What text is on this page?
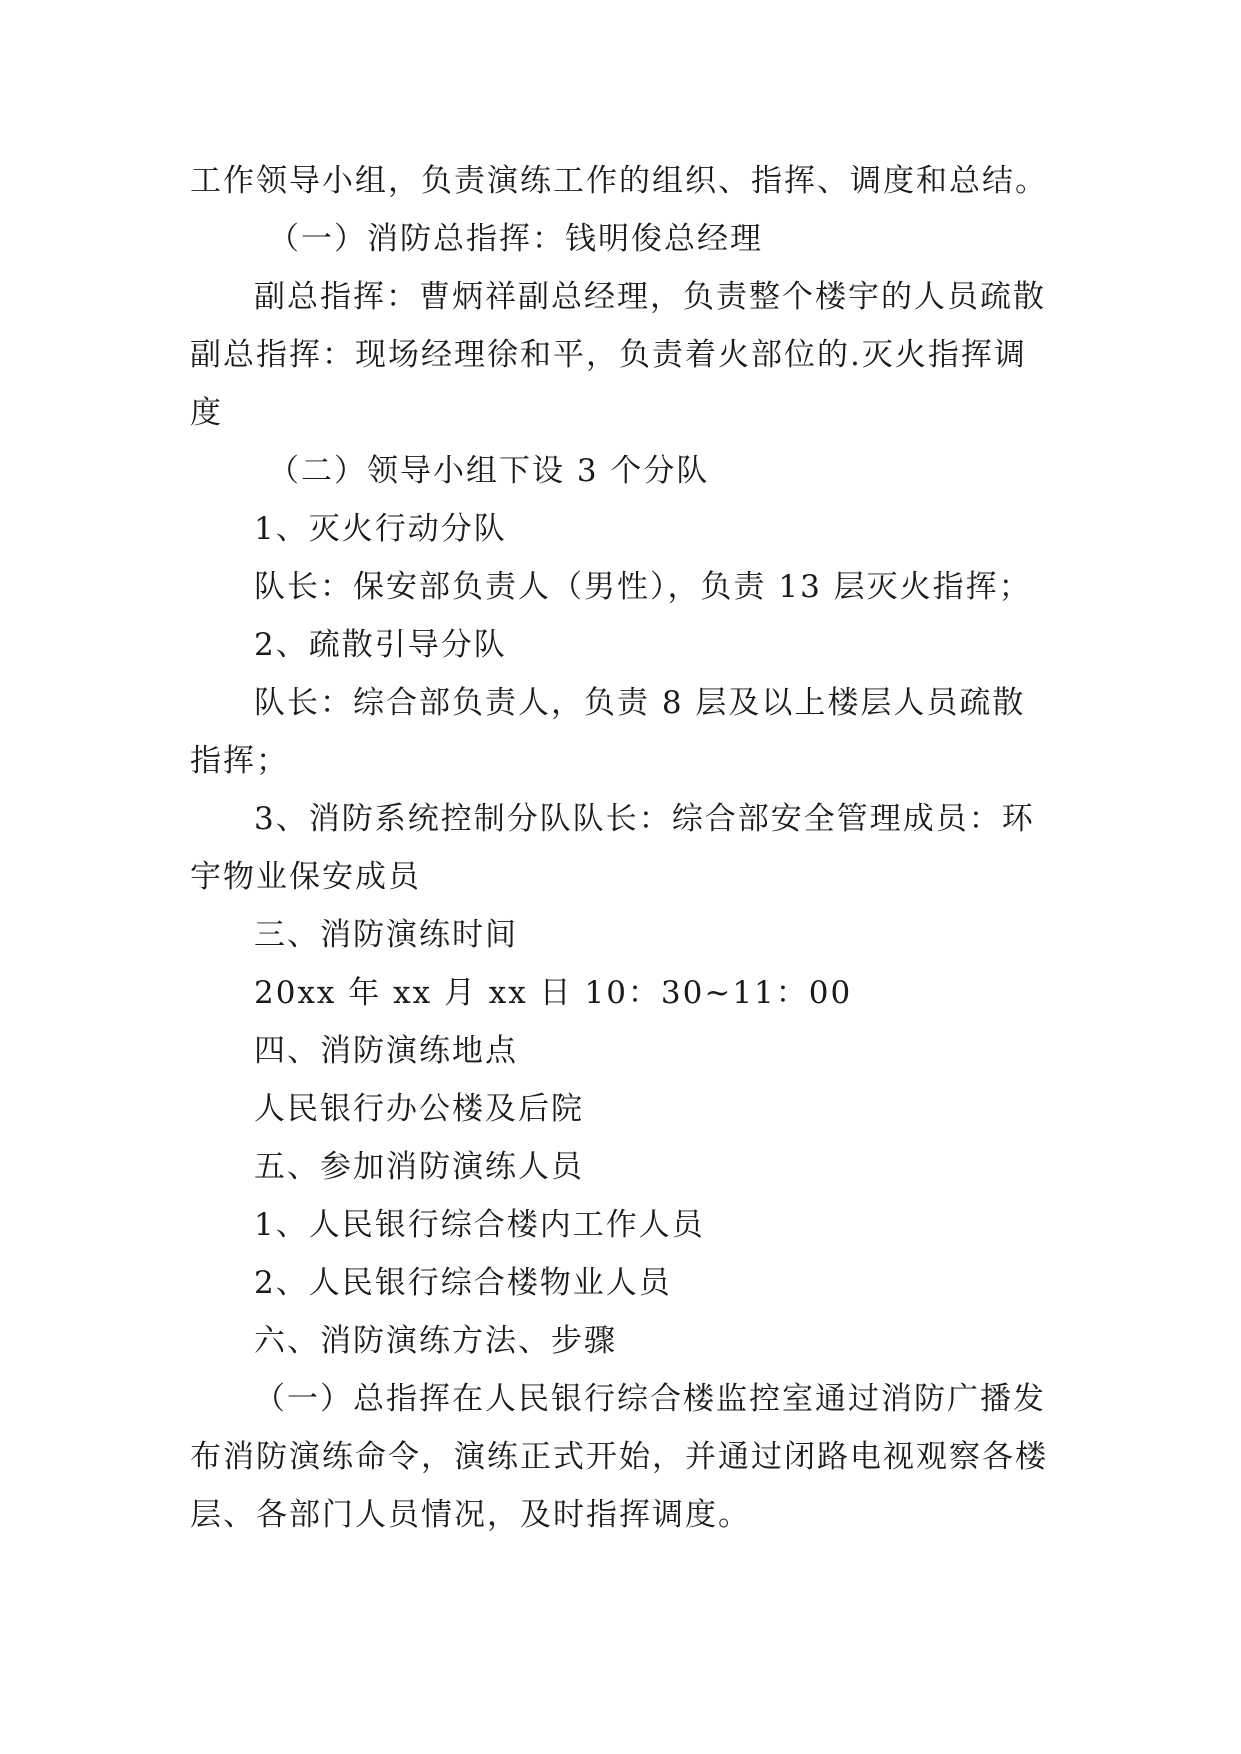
工作领导小组，负责演练工作的组织、指挥、调度和总结。

（一）消防总指挥：钱明俊总经理

副总指挥：曹炳祥副总经理，负责整个楼宇的人员疏散

副总指挥：现场经理徐和平，负责着火部位的.灭火指挥调度

（二）领导小组下设 3 个分队

1、灭火行动分队

队长：保安部负责人（男性），负责 13 层灭火指挥；

2、疏散引导分队

队长：综合部负责人，负责 8 层及以上楼层人员疏散指挥；

3、消防系统控制分队队长：综合部安全管理成员：环宇物业保安成员

三、消防演练时间

20xx 年 xx 月 xx 日 10：30~11：00

四、消防演练地点

人民银行办公楼及后院

五、参加消防演练人员

1、人民银行综合楼内工作人员

2、人民银行综合楼物业人员

六、消防演练方法、步骤

（一）总指挥在人民银行综合楼监控室通过消防广播发布消防演练命令，演练正式开始，并通过闭路电视观察各楼层、各部门人员情况，及时指挥调度。
